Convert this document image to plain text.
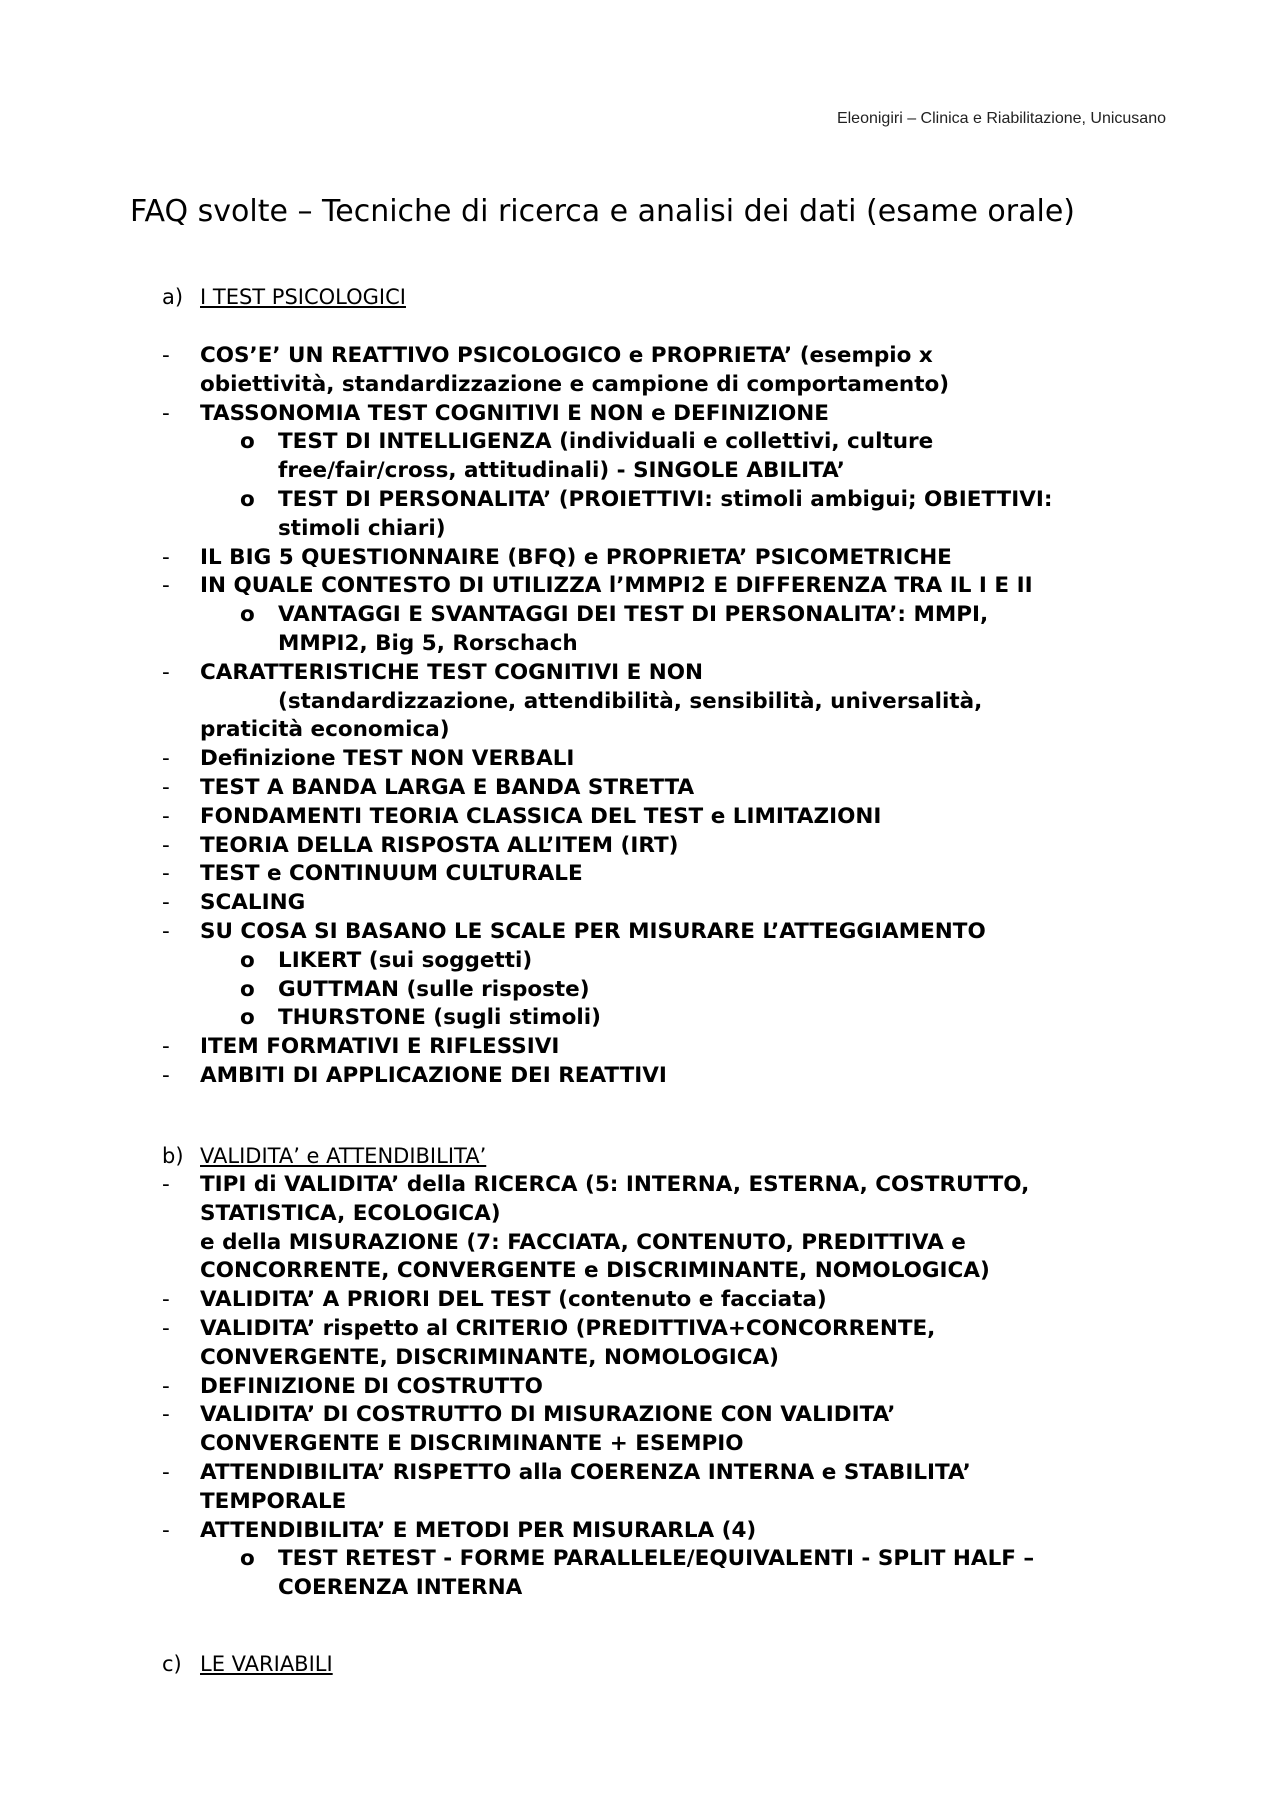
Eleonigiri – Clinica e Riabilitazione, Unicusano
FAQ svolte – Tecniche di ricerca e analisi dei dati (esame orale)
a) I TEST PSICOLOGICI
-	COS’E’ UN REATTIVO PSICOLOGICO e PROPRIETA’ (esempio x
obiettività, standardizzazione e campione di comportamento)
-	TASSONOMIA TEST COGNITIVI E NON e DEFINIZIONE
o	TEST DI INTELLIGENZA (individuali e collettivi, culture
free/fair/cross, attitudinali) - SINGOLE ABILITA’
o	TEST DI PERSONALITA’ (PROIETTIVI: stimoli ambigui; OBIETTIVI:
stimoli chiari)
-	IL BIG 5 QUESTIONNAIRE (BFQ) e PROPRIETA’ PSICOMETRICHE
-	IN QUALE CONTESTO DI UTILIZZA l’MMPI2 E DIFFERENZA TRA IL I E II
o	VANTAGGI E SVANTAGGI DEI TEST DI PERSONALITA’: MMPI,
MMPI2, Big 5, Rorschach
-	CARATTERISTICHE TEST COGNITIVI E NON
(standardizzazione, attendibilità, sensibilità, universalità,
praticità economica)
-	Definizione TEST NON VERBALI
-	TEST A BANDA LARGA E BANDA STRETTA
-	FONDAMENTI TEORIA CLASSICA DEL TEST e LIMITAZIONI
-	TEORIA DELLA RISPOSTA ALL’ITEM (IRT)
-	TEST e CONTINUUM CULTURALE
-	SCALING
-	SU COSA SI BASANO LE SCALE PER MISURARE L’ATTEGGIAMENTO
o	LIKERT (sui soggetti)
o	GUTTMAN (sulle risposte)
o	THURSTONE (sugli stimoli)
-	ITEM FORMATIVI E RIFLESSIVI
-	AMBITI DI APPLICAZIONE DEI REATTIVI
b) VALIDITA’ e ATTENDIBILITA’
-	TIPI di VALIDITA’ della RICERCA (5: INTERNA, ESTERNA, COSTRUTTO,
STATISTICA, ECOLOGICA)
e della MISURAZIONE (7: FACCIATA, CONTENUTO, PREDITTIVA e
CONCORRENTE, CONVERGENTE e DISCRIMINANTE, NOMOLOGICA)
-	VALIDITA’ A PRIORI DEL TEST (contenuto e facciata)
-	VALIDITA’ rispetto al CRITERIO (PREDITTIVA+CONCORRENTE,
CONVERGENTE, DISCRIMINANTE, NOMOLOGICA)
-	DEFINIZIONE DI COSTRUTTO
-	VALIDITA’ DI COSTRUTTO DI MISURAZIONE CON VALIDITA’
CONVERGENTE E DISCRIMINANTE + ESEMPIO
-	ATTENDIBILITA’ RISPETTO alla COERENZA INTERNA e STABILITA’
TEMPORALE
-	ATTENDIBILITA’ E METODI PER MISURARLA (4)
o	TEST RETEST - FORME PARALLELE/EQUIVALENTI - SPLIT HALF –
COERENZA INTERNA
c) LE VARIABILI
